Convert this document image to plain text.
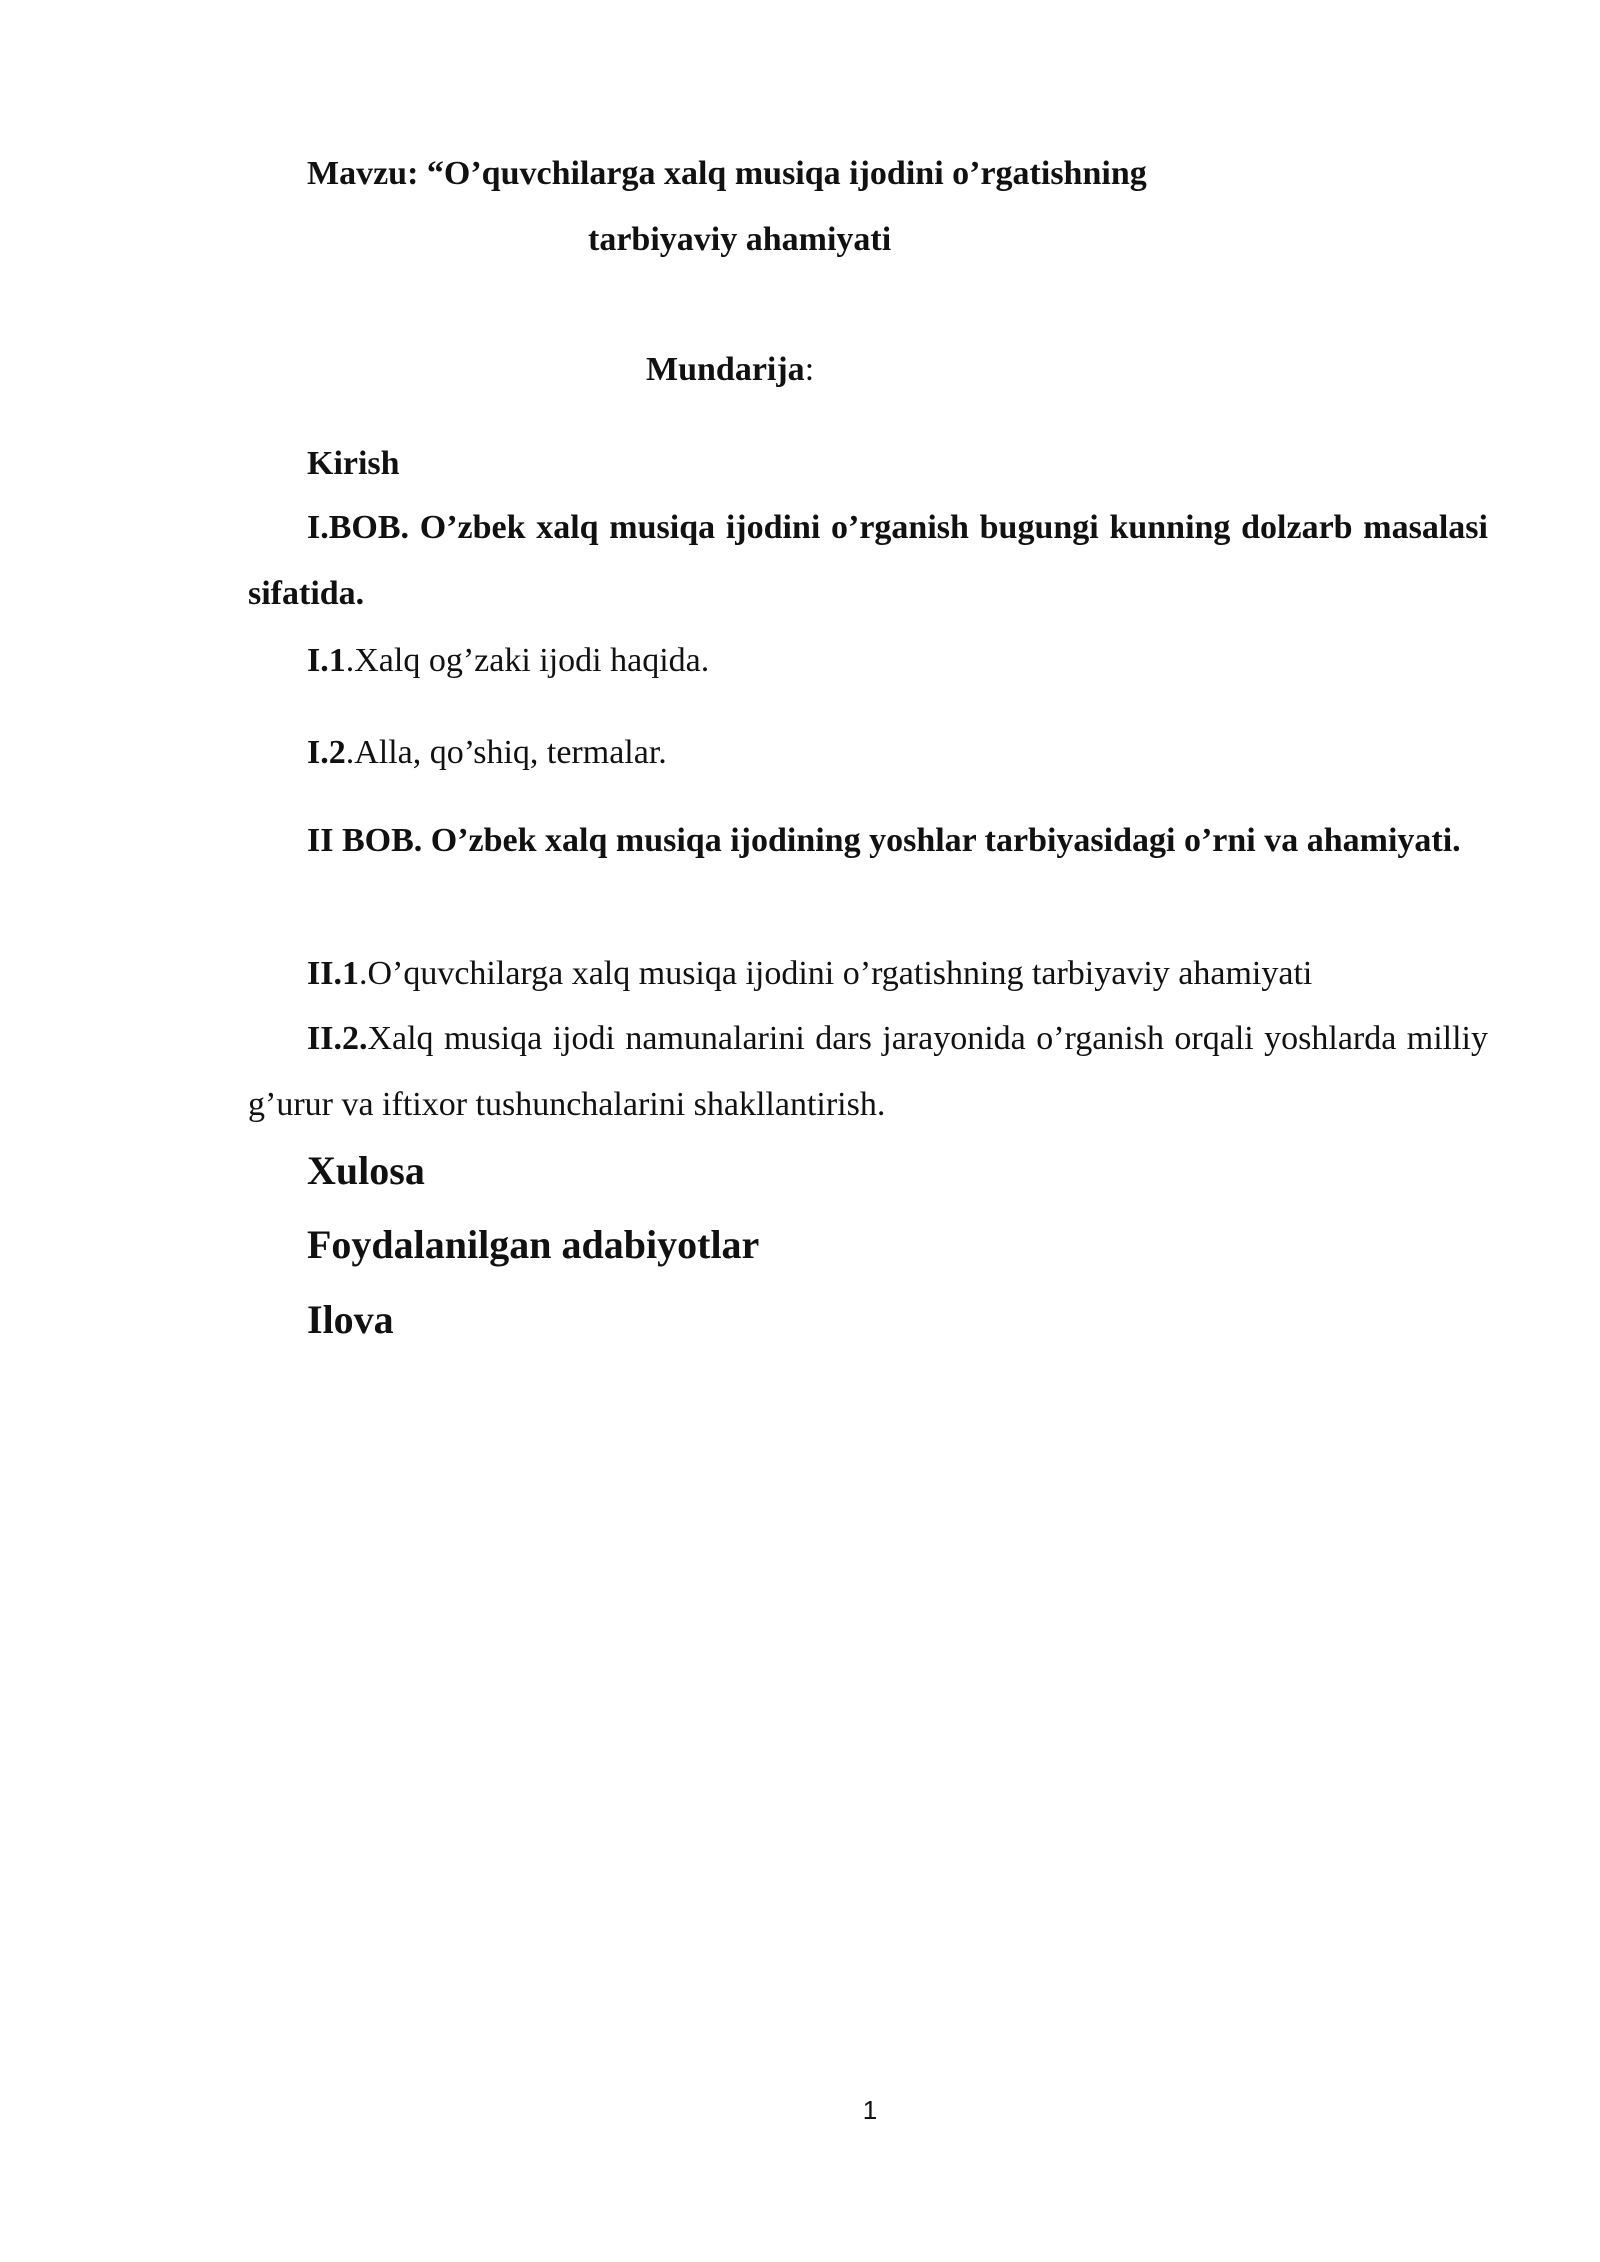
Mavzu: “O’quvchilarga xalq musiqa ijodini o’rgatishning
tarbiyaviy ahamiyati
Mundarija:
Kirish
I.BOB. O’zbek xalq musiqa ijodini o’rganish bugungi kunning dolzarb masalasi sifatida.
I.1.Xalq og’zaki ijodi haqida.
I.2.Alla, qo’shiq, termalar.
II BOB. O’zbek xalq musiqa ijodining yoshlar tarbiyasidagi o’rni va ahamiyati.
II.1.O’quvchilarga xalq musiqa ijodini o’rgatishning tarbiyaviy ahamiyati
II.2.Xalq musiqa ijodi namunalarini dars jarayonida o’rganish orqali yoshlarda milliy g’urur va iftixor tushunchalarini shakllantirish.
Xulosa
Foydalanilgan adabiyotlar
Ilova
1
